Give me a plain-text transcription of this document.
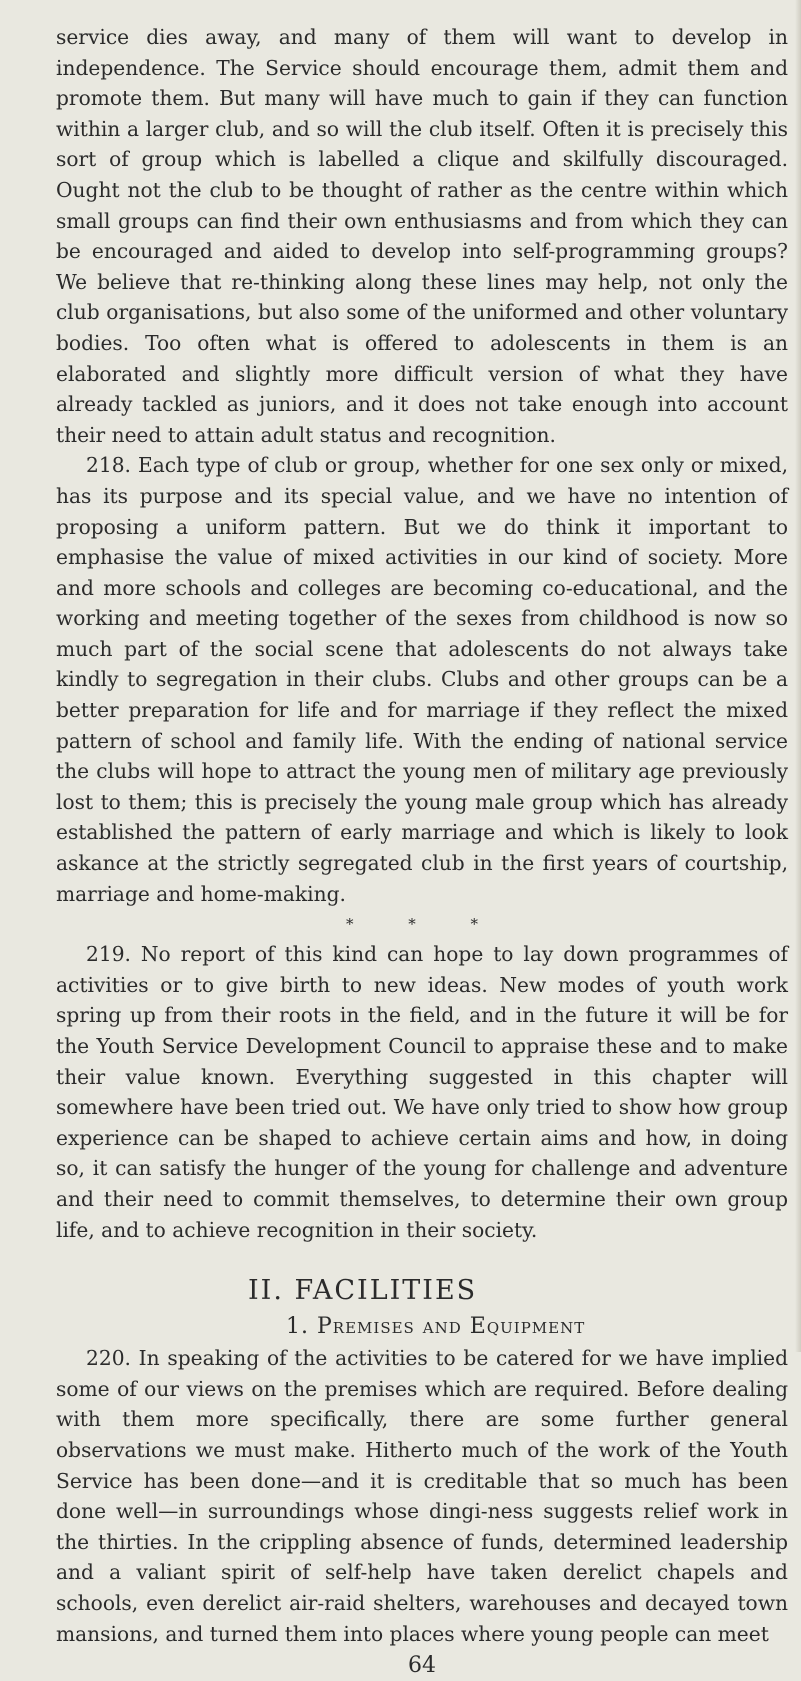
service dies away, and many of them will want to develop in independence. The Service should encourage them, admit them and promote them. But many will have much to gain if they can function within a larger club, and so will the club itself. Often it is precisely this sort of group which is labelled a clique and skilfully discouraged. Ought not the club to be thought of rather as the centre within which small groups can find their own enthusiasms and from which they can be encouraged and aided to develop into self-programming groups? We believe that re-thinking along these lines may help, not only the club organisations, but also some of the uniformed and other voluntary bodies. Too often what is offered to adolescents in them is an elaborated and slightly more difficult version of what they have already tackled as juniors, and it does not take enough into account their need to attain adult status and recognition.

218. Each type of club or group, whether for one sex only or mixed, has its purpose and its special value, and we have no intention of proposing a uniform pattern. But we do think it important to emphasise the value of mixed activities in our kind of society. More and more schools and colleges are becoming co-educational, and the working and meeting together of the sexes from childhood is now so much part of the social scene that adolescents do not always take kindly to segregation in their clubs. Clubs and other groups can be a better preparation for life and for marriage if they reflect the mixed pattern of school and family life. With the ending of national service the clubs will hope to attract the young men of military age previously lost to them; this is precisely the young male group which has already established the pattern of early marriage and which is likely to look askance at the strictly segregated club in the first years of courtship, marriage and home-making.

* * *

219. No report of this kind can hope to lay down programmes of activities or to give birth to new ideas. New modes of youth work spring up from their roots in the field, and in the future it will be for the Youth Service Development Council to appraise these and to make their value known. Everything suggested in this chapter will somewhere have been tried out. We have only tried to show how group experience can be shaped to achieve certain aims and how, in doing so, it can satisfy the hunger of the young for challenge and adventure and their need to commit themselves, to determine their own group life, and to achieve recognition in their society.

II. FACILITIES

1. Premises and Equipment

220. In speaking of the activities to be catered for we have implied some of our views on the premises which are required. Before dealing with them more specifically, there are some further general observations we must make. Hitherto much of the work of the Youth Service has been done—and it is creditable that so much has been done well—in surroundings whose dingi-ness suggests relief work in the thirties. In the crippling absence of funds, determined leadership and a valiant spirit of self-help have taken derelict chapels and schools, even derelict air-raid shelters, warehouses and decayed town mansions, and turned them into places where young people can meet

64
